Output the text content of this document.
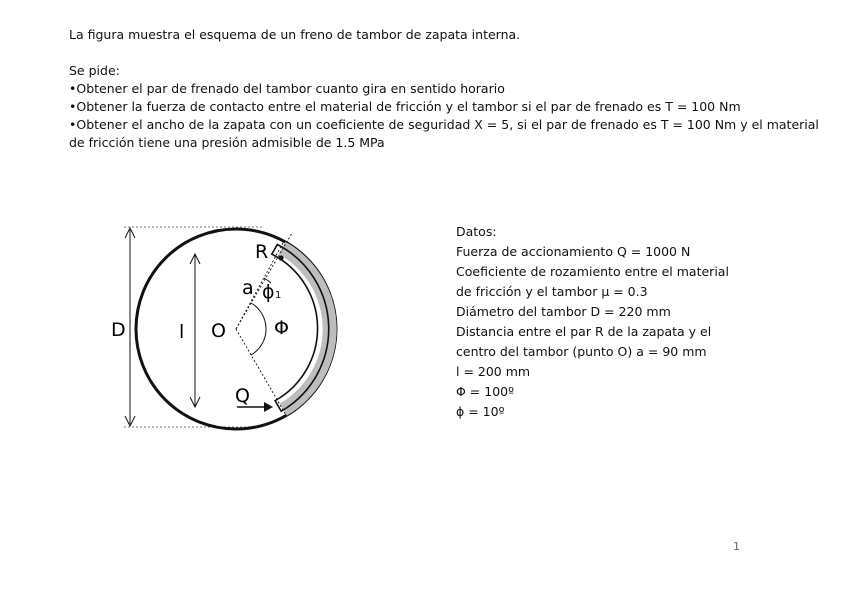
La figura muestra el esquema de un freno de tambor de zapata interna.

Se pide:

•Obtener el par de frenado del tambor cuanto gira en sentido horario

•Obtener la fuerza de contacto entre el material de fricción y el tambor si el par de frenado es T = 100 Nm

•Obtener el ancho de la zapata con un coeficiente de seguridad X = 5, si el par de frenado es T = 100 Nm y el material de fricción tiene una presión admisible de 1.5 MPa

D	l O
R
a ϕ 1
Φ
Q
Datos:
Fuerza de accionamiento Q = 1000 N
Coeficiente de rozamiento entre el material
de fricción y el tambor μ = 0.3
Diámetro del tambor D = 220 mm
Distancia entre el par R de la zapata y el
centro del tambor (punto O) a = 90 mm
l = 200 mm
Φ = 100º
ϕ = 10º
1
